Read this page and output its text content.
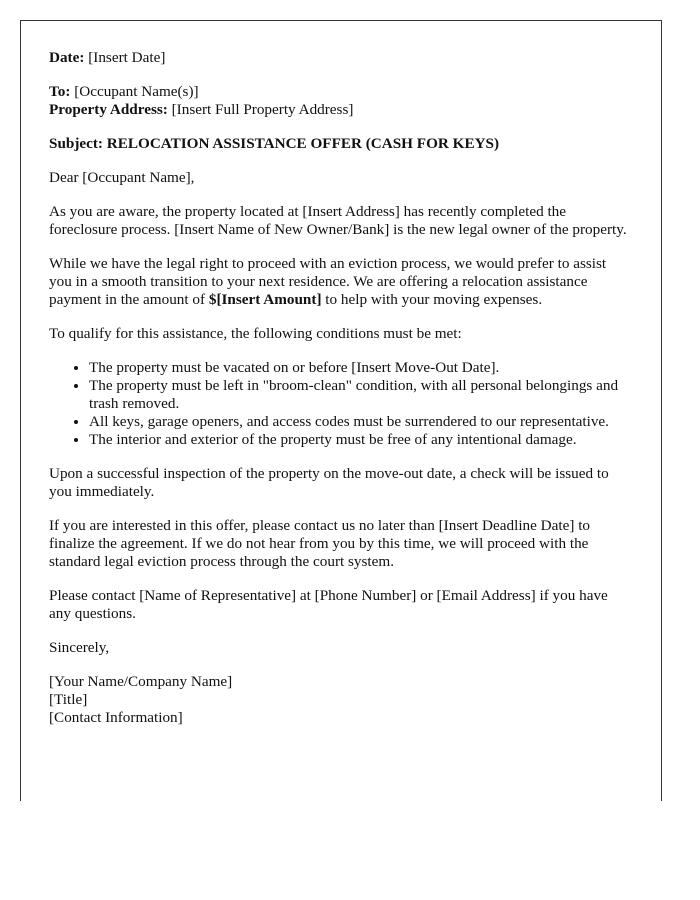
Date: [Insert Date]

To: [Occupant Name(s)]
Property Address: [Insert Full Property Address]

Subject: RELOCATION ASSISTANCE OFFER (CASH FOR KEYS)

Dear [Occupant Name],

As you are aware, the property located at [Insert Address] has recently completed the foreclosure process. [Insert Name of New Owner/Bank] is the new legal owner of the property.

While we have the legal right to proceed with an eviction process, we would prefer to assist you in a smooth transition to your next residence. We are offering a relocation assistance payment in the amount of $[Insert Amount] to help with your moving expenses.

To qualify for this assistance, the following conditions must be met:

• The property must be vacated on or before [Insert Move-Out Date].
• The property must be left in "broom-clean" condition, with all personal belongings and trash removed.
• All keys, garage openers, and access codes must be surrendered to our representative.
• The interior and exterior of the property must be free of any intentional damage.

Upon a successful inspection of the property on the move-out date, a check will be issued to you immediately.

If you are interested in this offer, please contact us no later than [Insert Deadline Date] to finalize the agreement. If we do not hear from you by this time, we will proceed with the standard legal eviction process through the court system.

Please contact [Name of Representative] at [Phone Number] or [Email Address] if you have any questions.

Sincerely,

[Your Name/Company Name]
[Title]
[Contact Information]
